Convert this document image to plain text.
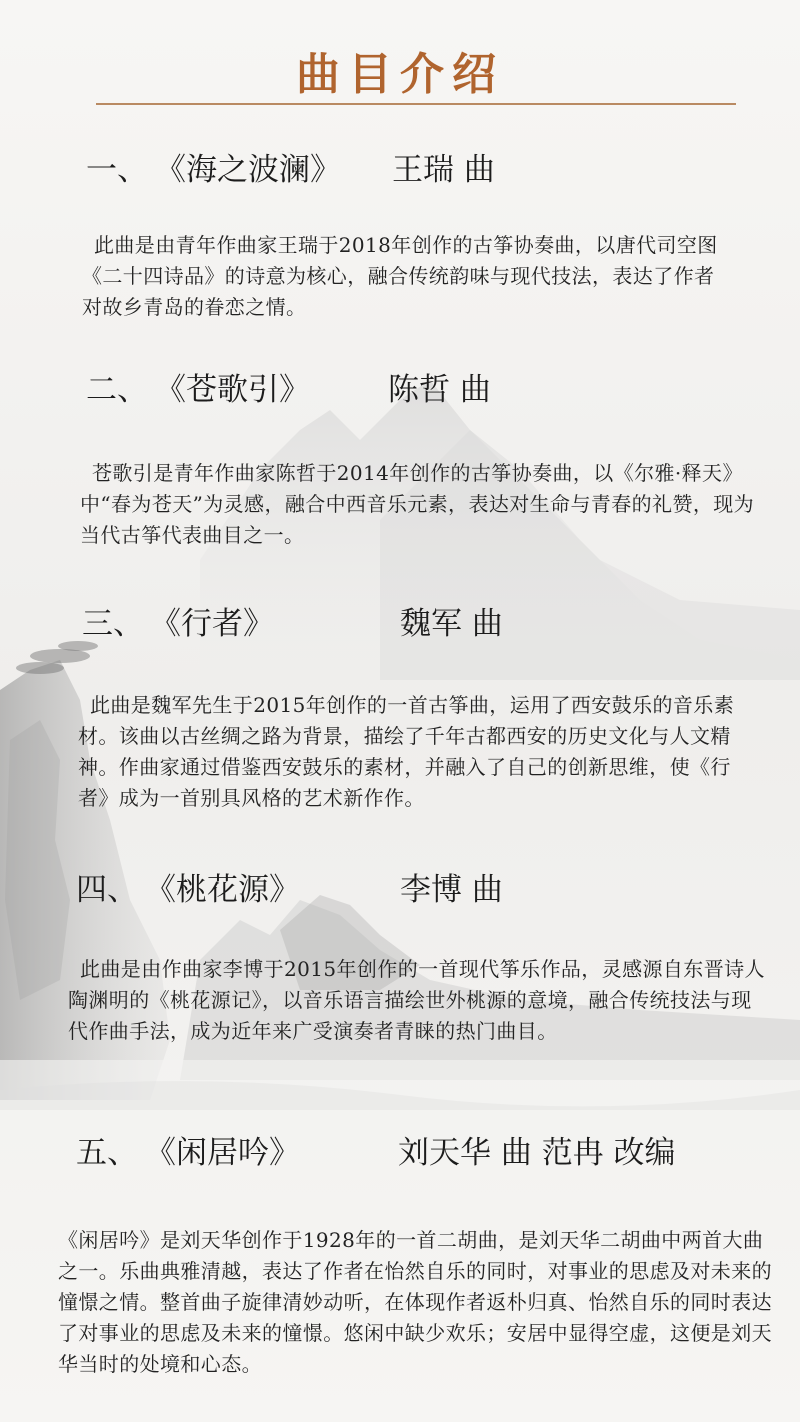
曲目介绍
一、 《海之波澜》 王瑞 曲
此曲是由青年作曲家王瑞于2018年创作的古筝协奏曲，以唐代司空图《二十四诗品》的诗意为核心，融合传统韵味与现代技法，表达了作者对故乡青岛的眷恋之情。
二、 《苍歌引》	陈哲 曲
苍歌引是青年作曲家陈哲于2014年创作的古筝协奏曲，以《尔雅·释天》中“春为苍天”为灵感，融合中西音乐元素，表达对生命与青春的礼赞，现为当代古筝代表曲目之一。
三、 《行者》	魏军 曲
此曲是魏军先生于2015年创作的一首古筝曲，运用了西安鼓乐的音乐素材。该曲以古丝绸之路为背景，描绘了千年古都西安的历史文化与人文精神。作曲家通过借鉴西安鼓乐的素材，并融入了自己的创新思维，使《行者》成为一首别具风格的艺术新作作。
四、 《桃花源》	李博 曲
此曲是由作曲家李博于2015年创作的一首现代筝乐作品，灵感源自东晋诗人陶渊明的《桃花源记》，以音乐语言描绘世外桃源的意境，融合传统技法与现代作曲手法，成为近年来广受演奏者青睐的热门曲目。
五、 《闲居吟》	刘天华 曲 范冉 改编
《闲居吟》是刘天华创作于1928年的一首二胡曲，是刘天华二胡曲中两首大曲之一。乐曲典雅清越，表达了作者在怡然自乐的同时，对事业的思虑及对未来的憧憬之情。整首曲子旋律清妙动听，在体现作者返朴归真、怡然自乐的同时表达了对事业的思虑及未来的憧憬。悠闲中缺少欢乐；安居中显得空虚，这便是刘天华当时的处境和心态。
